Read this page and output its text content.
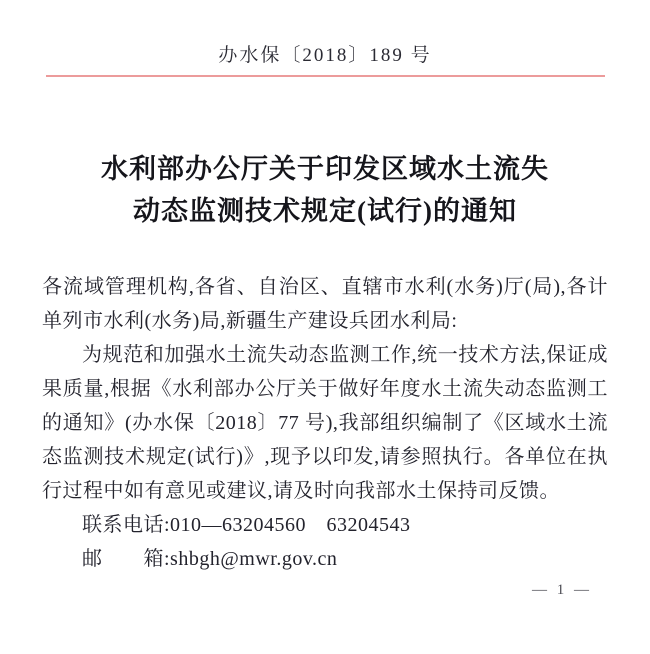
办水保〔2018〕189 号
水利部办公厅关于印发区域水土流失
动态监测技术规定(试行)的通知
各流域管理机构,各省、自治区、直辖市水利(水务)厅(局),各计
单列市水利(水务)局,新疆生产建设兵团水利局:
为规范和加强水土流失动态监测工作,统一技术方法,保证成
果质量,根据《水利部办公厅关于做好年度水土流失动态监测工
的通知》(办水保〔2018〕77 号),我部组织编制了《区域水土流
态监测技术规定(试行)》,现予以印发,请参照执行。各单位在执
行过程中如有意见或建议,请及时向我部水土保持司反馈。
联系电话:010—63204560　63204543
邮　　箱:shbgh@mwr.gov.cn
— 1 —
